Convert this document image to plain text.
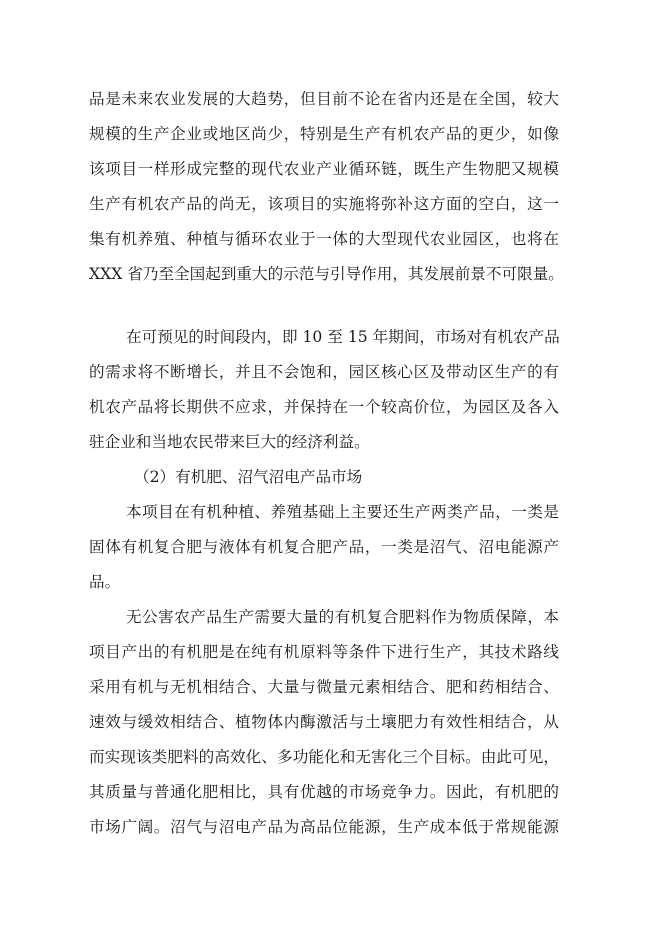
品是未来农业发展的大趋势，但目前不论在省内还是在全国，较大
规模的生产企业或地区尚少，特别是生产有机农产品的更少，如像
该项目一样形成完整的现代农业产业循环链，既生产生物肥又规模
生产有机农产品的尚无，该项目的实施将弥补这方面的空白，这一
集有机养殖、种植与循环农业于一体的大型现代农业园区，也将在
XXX 省乃至全国起到重大的示范与引导作用，其发展前景不可限量。
在可预见的时间段内，即 10 至 15 年期间，市场对有机农产品
的需求将不断增长，并且不会饱和，园区核心区及带动区生产的有
机农产品将长期供不应求，并保持在一个较高价位，为园区及各入
驻企业和当地农民带来巨大的经济利益。
（2）有机肥、沼气沼电产品市场
本项目在有机种植、养殖基础上主要还生产两类产品，一类是
固体有机复合肥与液体有机复合肥产品，一类是沼气、沼电能源产
品。
无公害农产品生产需要大量的有机复合肥料作为物质保障，本
项目产出的有机肥是在纯有机原料等条件下进行生产，其技术路线
采用有机与无机相结合、大量与微量元素相结合、肥和药相结合、
速效与缓效相结合、植物体内酶激活与土壤肥力有效性相结合，从
而实现该类肥料的高效化、多功能化和无害化三个目标。由此可见，
其质量与普通化肥相比，具有优越的市场竞争力。因此，有机肥的
市场广阔。沼气与沼电产品为高品位能源，生产成本低于常规能源
